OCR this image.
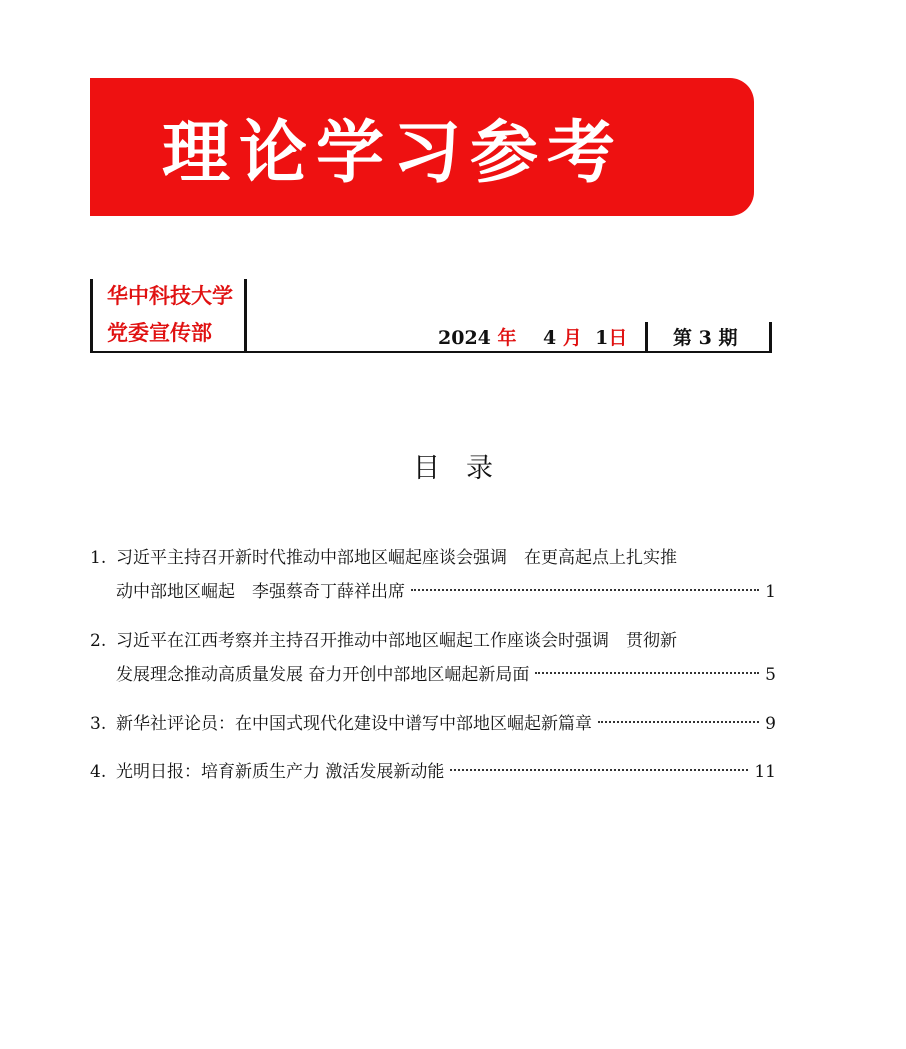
理论学习参考
华中科技大学
党委宣传部	2024 年 4 月 1日 第 3 期
目录
1. 习近平主持召开新时代推动中部地区崛起座谈会强调　在更高起点上扎实推
动中部地区崛起　李强蔡奇丁薛祥出席	1
2. 习近平在江西考察并主持召开推动中部地区崛起工作座谈会时强调　贯彻新
发展理念推动高质量发展 奋力开创中部地区崛起新局面	5
3. 新华社评论员：在中国式现代化建设中谱写中部地区崛起新篇章	9
4. 光明日报：培育新质生产力 激活发展新动能	11
